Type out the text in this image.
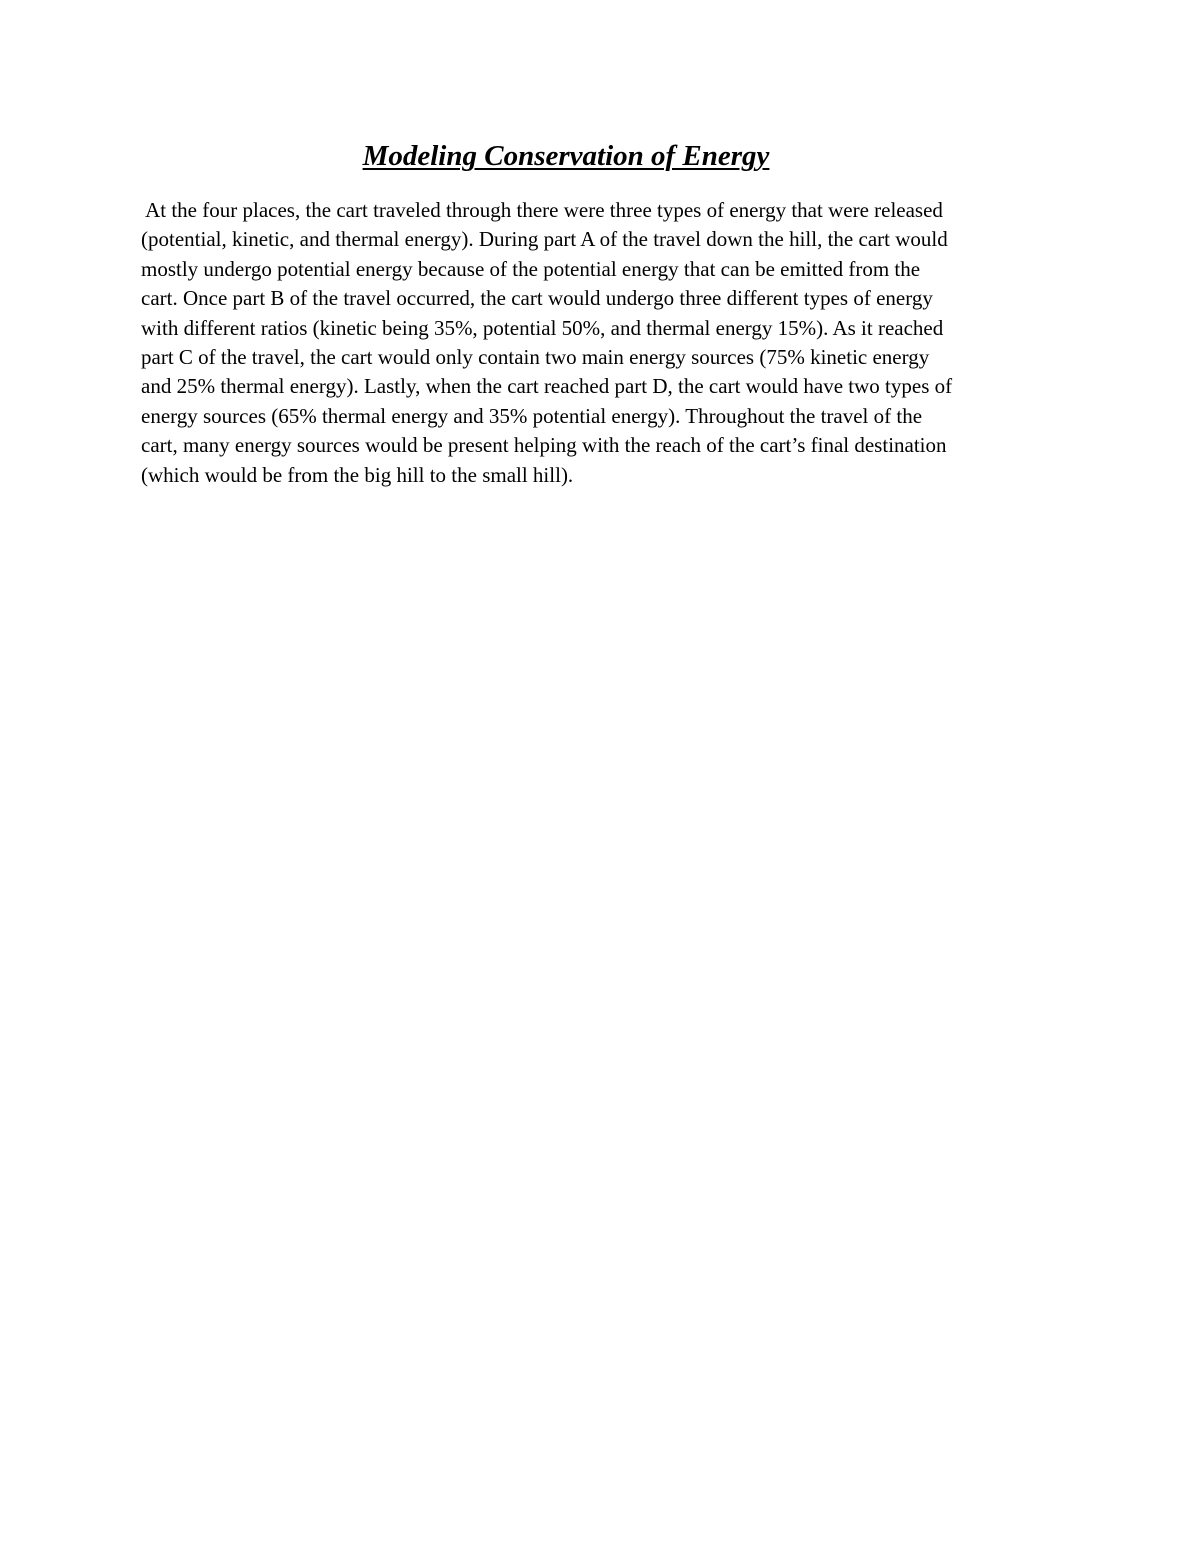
Modeling Conservation of Energy
At the four places, the cart traveled through there were three types of energy that were released
(potential, kinetic, and thermal energy). During part A of the travel down the hill, the cart would
mostly undergo potential energy because of the potential energy that can be emitted from the
cart. Once part B of the travel occurred, the cart would undergo three different types of energy
with different ratios (kinetic being 35%, potential 50%, and thermal energy 15%). As it reached
part C of the travel, the cart would only contain two main energy sources (75% kinetic energy
and 25% thermal energy). Lastly, when the cart reached part D, the cart would have two types of
energy sources (65% thermal energy and 35% potential energy). Throughout the travel of the
cart, many energy sources would be present helping with the reach of the cart’s final destination
(which would be from the big hill to the small hill).
